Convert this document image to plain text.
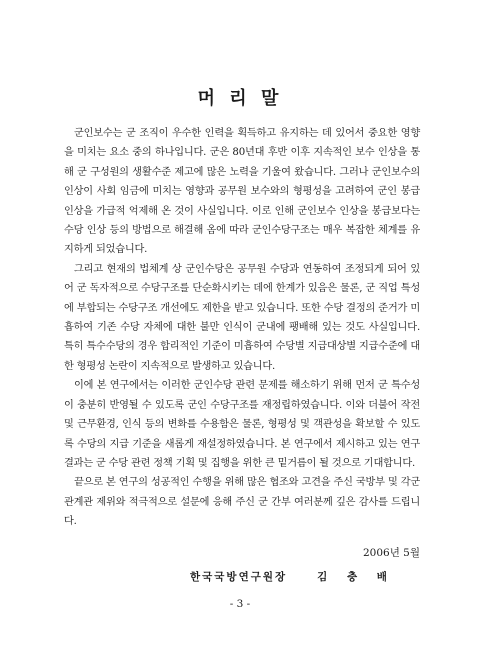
머 리 말

군인보수는 군 조직이 우수한 인력을 획득하고 유지하는 데 있어서 중요한 영향을 미치는 요소 중의 하나입니다. 군은 80년대 후반 이후 지속적인 보수 인상을 통해 군 구성원의 생활수준 제고에 많은 노력을 기울여 왔습니다. 그러나 군인보수의 인상이 사회 임금에 미치는 영향과 공무원 보수와의 형평성을 고려하여 군인 봉급 인상을 가급적 억제해 온 것이 사실입니다. 이로 인해 군인보수 인상을 봉급보다는 수당 인상 등의 방법으로 해결해 옴에 따라 군인수당구조는 매우 복잡한 체계를 유지하게 되었습니다.

그리고 현재의 법체계 상 군인수당은 공무원 수당과 연동하여 조정되게 되어 있어 군 독자적으로 수당구조를 단순화시키는 데에 한계가 있음은 물론, 군 직업 특성에 부합되는 수당구조 개선에도 제한을 받고 있습니다. 또한 수당 결정의 준거가 미흡하여 기존 수당 자체에 대한 불만 인식이 군내에 팽배해 있는 것도 사실입니다. 특히 특수수당의 경우 합리적인 기준이 미흡하여 수당별 지급대상별 지급수준에 대한 형평성 논란이 지속적으로 발생하고 있습니다.

이에 본 연구에서는 이러한 군인수당 관련 문제를 해소하기 위해 먼저 군 특수성이 충분히 반영될 수 있도록 군인 수당구조를 재정립하였습니다. 이와 더불어 작전 및 근무환경, 인식 등의 변화를 수용함은 물론, 형평성 및 객관성을 확보할 수 있도록 수당의 지급 기준을 새롭게 재설정하였습니다. 본 연구에서 제시하고 있는 연구결과는 군 수당 관련 정책 기획 및 집행을 위한 큰 밑거름이 될 것으로 기대합니다.

끝으로 본 연구의 성공적인 수행을 위해 많은 협조와 고견을 주신 국방부 및 각군 관계관 제위와 적극적으로 설문에 응해 주신 군 간부 여러분께 깊은 감사를 드립니다.

2006년 5월
한국국방연구원장	김 충 배
- 3 -
